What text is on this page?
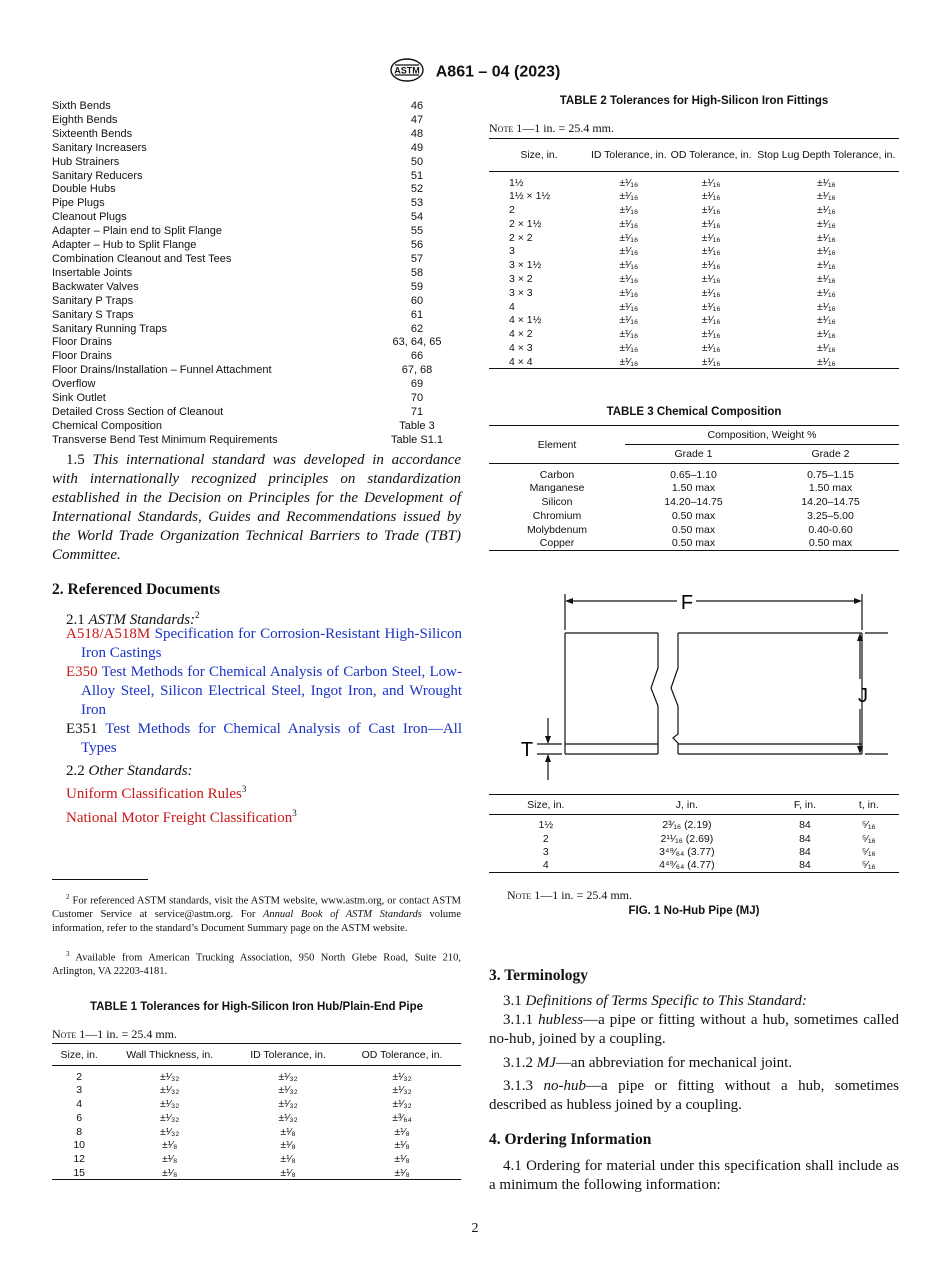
ASTM A861 – 04 (2023)
Sixth Bends	46
Eighth Bends	47
Sixteenth Bends	48
Sanitary Increasers	49
Hub Strainers	50
Sanitary Reducers	51
Double Hubs	52
Pipe Plugs	53
Cleanout Plugs	54
Adapter – Plain end to Split Flange	55
Adapter – Hub to Split Flange	56
Combination Cleanout and Test Tees	57
Insertable Joints	58
Backwater Valves	59
Sanitary P Traps	60
Sanitary S Traps	61
Sanitary Running Traps	62
Floor Drains	63, 64, 65
Floor Drains	66
Floor Drains/Installation – Funnel Attachment	67, 68
Overflow	69
Sink Outlet	70
Detailed Cross Section of Cleanout	71
Chemical Composition	Table 3
Transverse Bend Test Minimum Requirements	Table S1.1
1.5 This international standard was developed in accordance with internationally recognized principles on standardization established in the Decision on Principles for the Development of International Standards, Guides and Recommendations issued by the World Trade Organization Technical Barriers to Trade (TBT) Committee.
2. Referenced Documents
2.1 ASTM Standards:$^2$
A518/A518M Specification for Corrosion-Resistant High-Silicon Iron Castings
E350 Test Methods for Chemical Analysis of Carbon Steel, Low-Alloy Steel, Silicon Electrical Steel, Ingot Iron, and Wrought Iron
E351 Test Methods for Chemical Analysis of Cast Iron—All Types
2.2 Other Standards:
Uniform Classification Rules$^3$
National Motor Freight Classification$^3$
$^2$ For referenced ASTM standards, visit the ASTM website, www.astm.org, or contact ASTM Customer Service at service@astm.org. For Annual Book of ASTM Standards volume information, refer to the standard’s Document Summary page on the ASTM website.
$^3$ Available from American Trucking Association, 950 North Glebe Road, Suite 210, Arlington, VA 22203-4181.
TABLE 1 Tolerances for High-Silicon Iron Hub/Plain-End Pipe
Note 1—1 in. = 25.4 mm.
Size, in.	Wall Thickness, in.	ID Tolerance, in.	OD Tolerance, in.
2	±¹⁄₃₂	±¹⁄₃₂	±¹⁄₃₂
3	±¹⁄₃₂	±¹⁄₃₂	±¹⁄₃₂
4	±¹⁄₃₂	±¹⁄₃₂	±¹⁄₃₂
6	±¹⁄₃₂	±¹⁄₃₂	±³⁄₆₄
8	±¹⁄₃₂	±¹⁄₈	±¹⁄₈
10	±¹⁄₈	±¹⁄₈	±¹⁄₈
12	±¹⁄₈	±¹⁄₈	±¹⁄₈
15	±¹⁄₈	±¹⁄₈	±¹⁄₈
TABLE 2 Tolerances for High-Silicon Iron Fittings
Note 1—1 in. = 25.4 mm.
Size, in.	ID Tolerance, in.	OD Tolerance, in.	Stop Lug Depth Tolerance, in.
1½	±¹⁄₁₆	±¹⁄₁₆	±¹⁄₁₆
1½ × 1½	±¹⁄₁₆	±¹⁄₁₆	±¹⁄₁₆
2	±¹⁄₁₆	±¹⁄₁₆	±¹⁄₁₆
2 × 1½	±¹⁄₁₆	±¹⁄₁₆	±¹⁄₁₆
2 × 2	±¹⁄₁₆	±¹⁄₁₆	±¹⁄₁₆
3	±¹⁄₁₆	±¹⁄₁₆	±¹⁄₁₆
3 × 1½	±¹⁄₁₆	±¹⁄₁₆	±¹⁄₁₆
3 × 2	±¹⁄₁₆	±¹⁄₁₆	±¹⁄₁₆
3 × 3	±¹⁄₁₆	±¹⁄₁₆	±¹⁄₁₆
4	±¹⁄₁₆	±¹⁄₁₆	±¹⁄₁₆
4 × 1½	±¹⁄₁₆	±¹⁄₁₆	±¹⁄₁₆
4 × 2	±¹⁄₁₆	±¹⁄₁₆	±¹⁄₁₆
4 × 3	±¹⁄₁₆	±¹⁄₁₆	±¹⁄₁₆
4 × 4	±¹⁄₁₆	±¹⁄₁₆	±¹⁄₁₆
TABLE 3 Chemical Composition
Element	Composition, Weight %	
	Grade 1	Grade 2
Carbon	0.65–1.10	0.75–1.15
Manganese	1.50 max	1.50 max
Silicon	14.20–14.75	14.20–14.75
Chromium	0.50 max	3.25–5.00
Molybdenum	0.50 max	0.40-0.60
Copper	0.50 max	0.50 max
F
J
T
Size, in.	J, in.	F, in.	t, in.
1½	2³⁄₁₆ (2.19)	84	⁵⁄₁₆
2	2¹¹⁄₁₆ (2.69)	84	⁵⁄₁₆
3	3⁴⁹⁄₆₄ (3.77)	84	⁵⁄₁₆
4	4⁴⁹⁄₆₄ (4.77)	84	⁵⁄₁₆
Note 1—1 in. = 25.4 mm.
FIG. 1 No-Hub Pipe (MJ)
3. Terminology
3.1 Definitions of Terms Specific to This Standard:
3.1.1 hubless—a pipe or fitting without a hub, sometimes called no-hub, joined by a coupling.
3.1.2 MJ—an abbreviation for mechanical joint.
3.1.3 no-hub—a pipe or fitting without a hub, sometimes described as hubless joined by a coupling.
4. Ordering Information
4.1 Ordering for material under this specification shall include as a minimum the following information:
2
